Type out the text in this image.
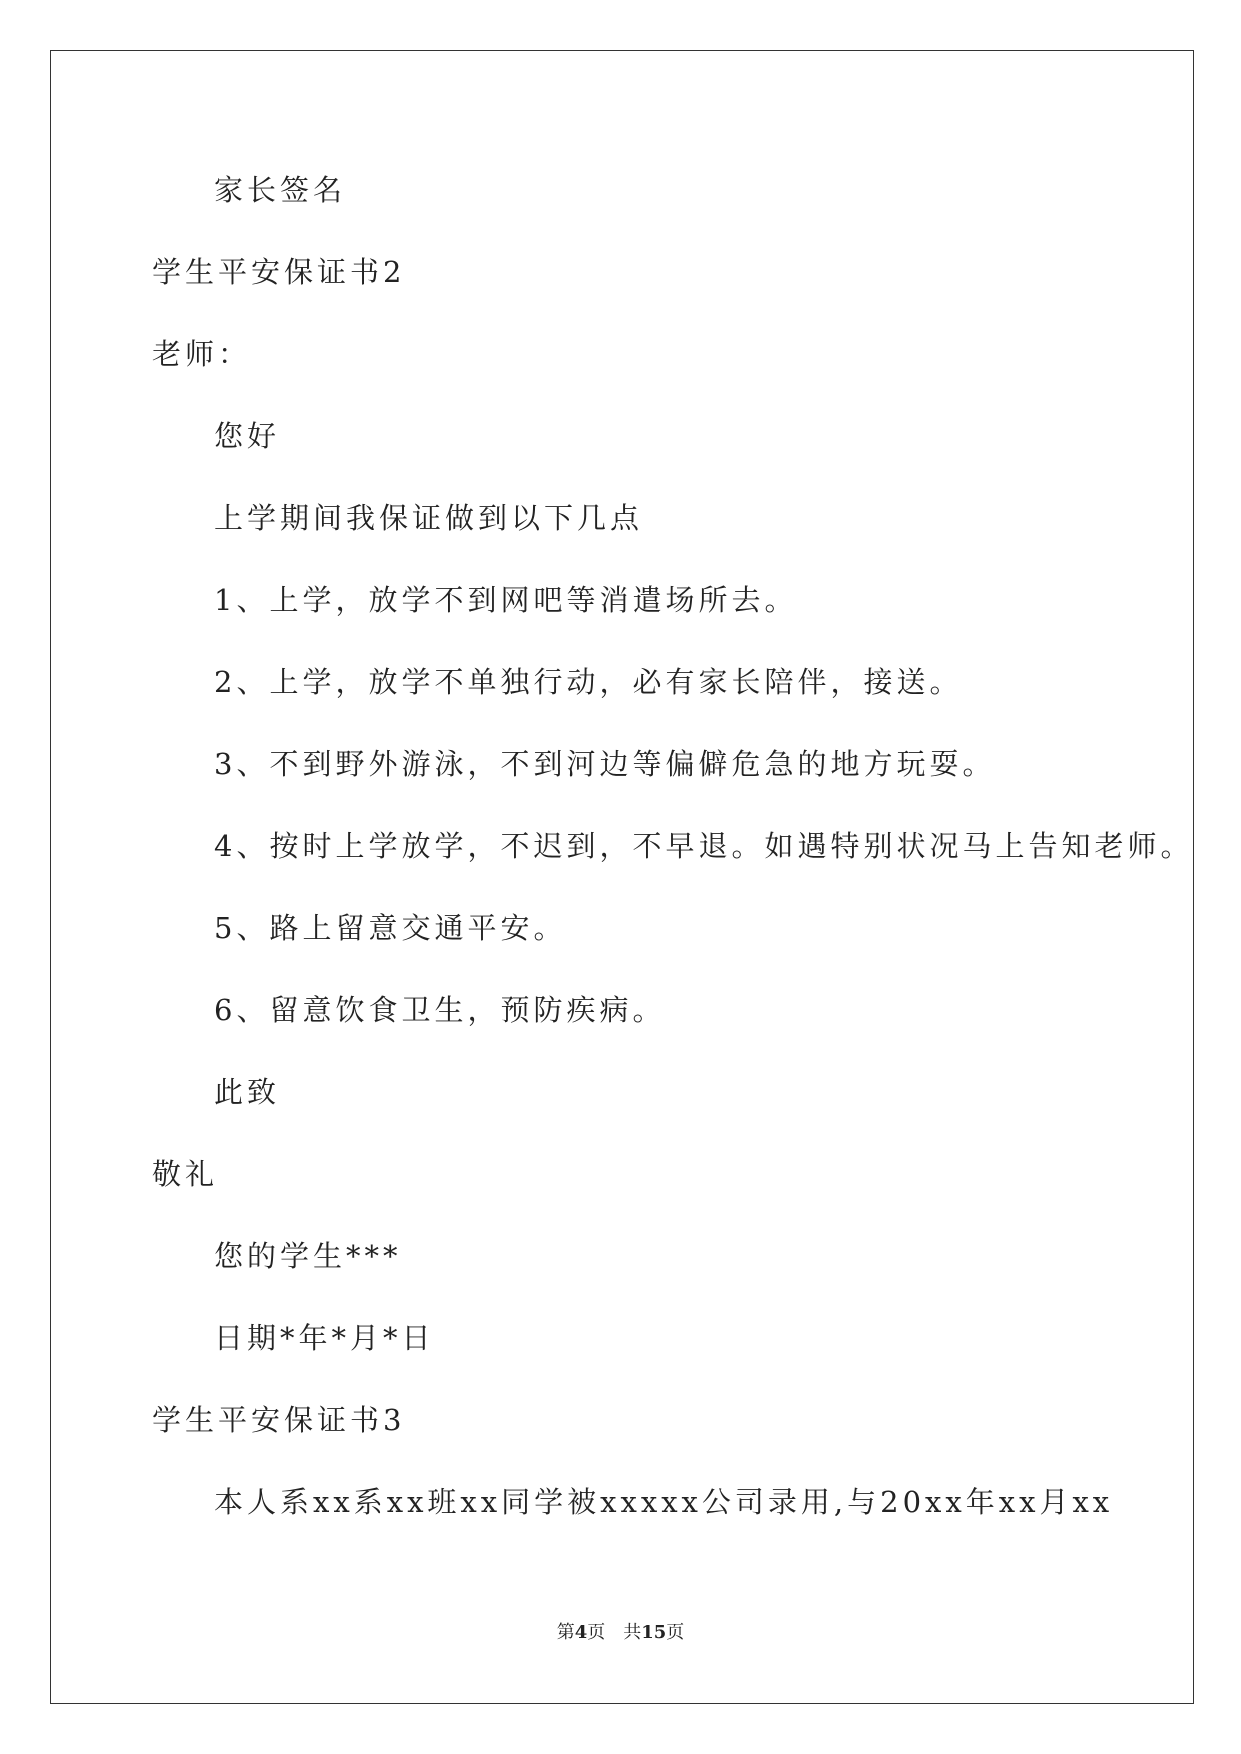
家长签名

学生平安保证书2

老师：

您好

上学期间我保证做到以下几点

1、上学，放学不到网吧等消遣场所去。

2、上学，放学不单独行动，必有家长陪伴，接送。

3、不到野外游泳，不到河边等偏僻危急的地方玩耍。

4、按时上学放学，不迟到，不早退。如遇特别状况马上告知老师。

5、路上留意交通平安。

6、留意饮食卫生，预防疾病。

此致

敬礼

您的学生***

日期*年*月*日

学生平安保证书3

本人系xx系xx班xx同学被xxxxx公司录用,与20xx年xx月xx

第4页 共15页
